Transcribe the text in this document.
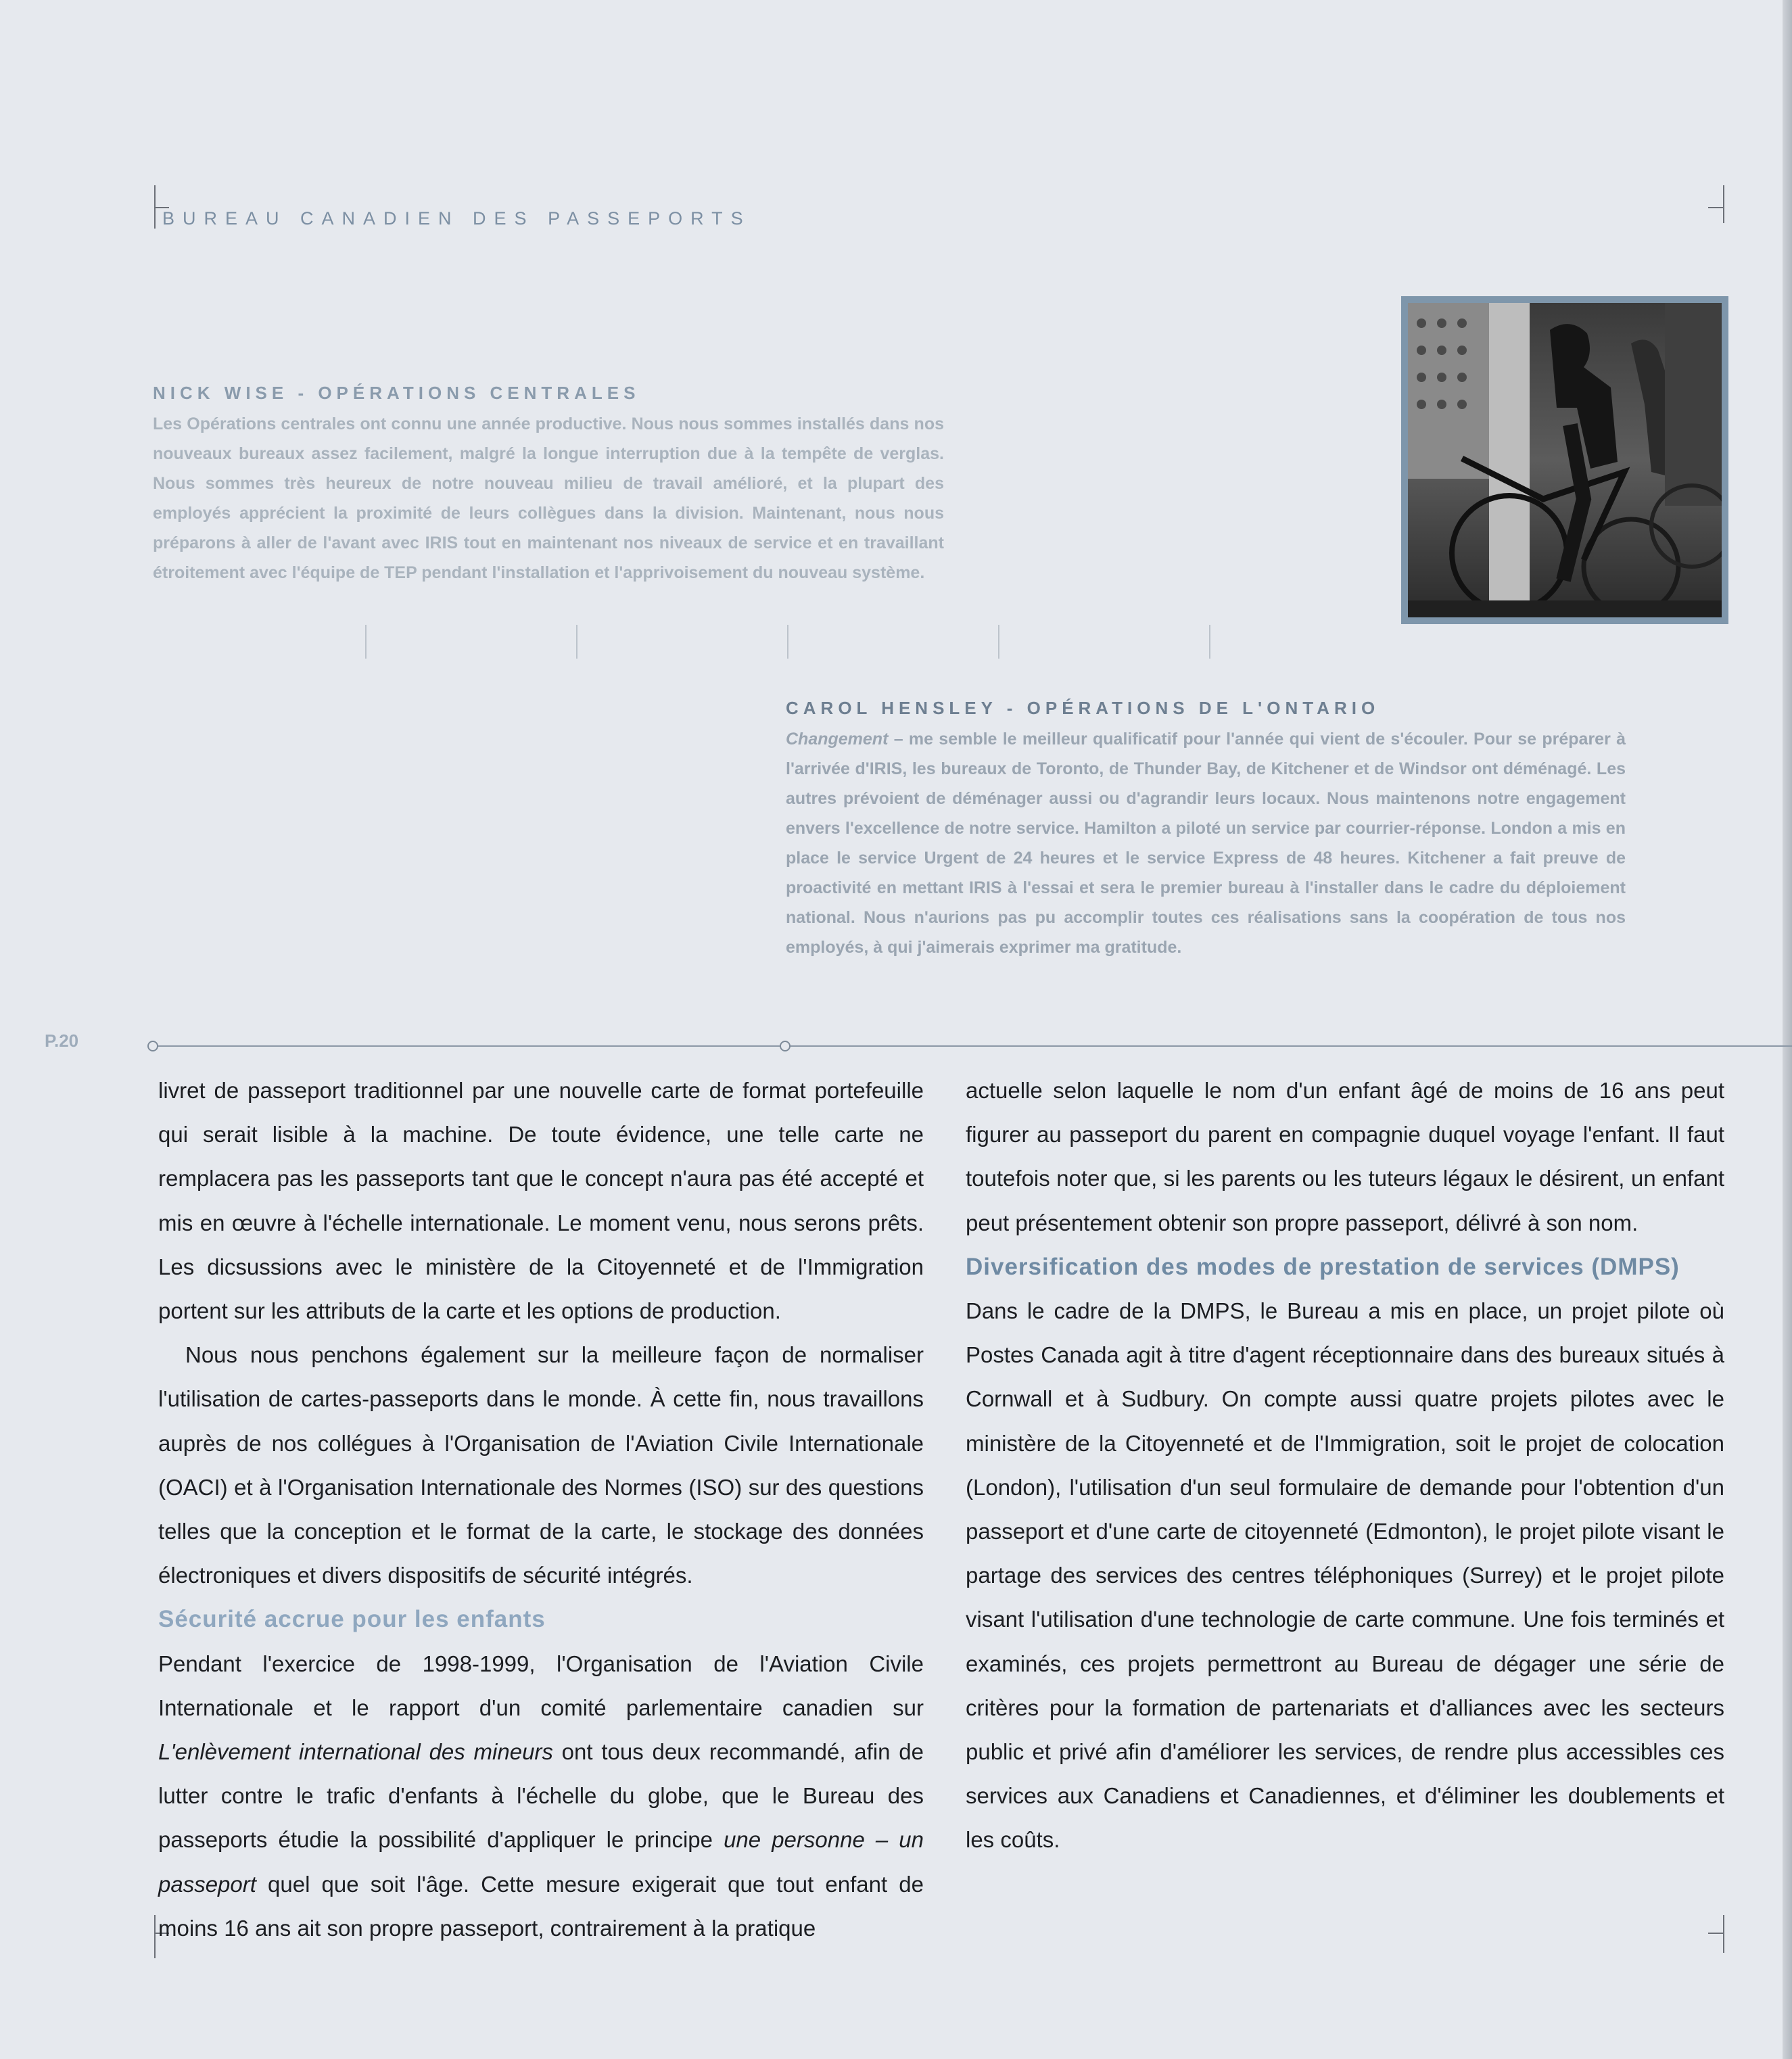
BUREAU CANADIEN DES PASSEPORTS

NICK WISE - OPÉRATIONS CENTRALES

Les Opérations centrales ont connu une année productive. Nous nous sommes installés dans nos nouveaux bureaux assez facilement, malgré la longue interruption due à la tempête de verglas. Nous sommes très heureux de notre nouveau milieu de travail amélioré, et la plupart des employés apprécient la proximité de leurs collègues dans la division. Maintenant, nous nous préparons à aller de l'avant avec IRIS tout en maintenant nos niveaux de service et en travaillant étroitement avec l'équipe de TEP pendant l'installation et l'apprivoisement du nouveau système.

CAROL HENSLEY - OPÉRATIONS DE L'ONTARIO

Changement – me semble le meilleur qualificatif pour l'année qui vient de s'écouler. Pour se préparer à l'arrivée d'IRIS, les bureaux de Toronto, de Thunder Bay, de Kitchener et de Windsor ont déménagé. Les autres prévoient de déménager aussi ou d'agrandir leurs locaux. Nous maintenons notre engagement envers l'excellence de notre service. Hamilton a piloté un service par courrier-réponse. London a mis en place le service Urgent de 24 heures et le service Express de 48 heures. Kitchener a fait preuve de proactivité en mettant IRIS à l'essai et sera le premier bureau à l'installer dans le cadre du déploiement national. Nous n'aurions pas pu accomplir toutes ces réalisations sans la coopération de tous nos employés, à qui j'aimerais exprimer ma gratitude.

P.20

livret de passeport traditionnel par une nouvelle carte de format portefeuille qui serait lisible à la machine. De toute évidence, une telle carte ne remplacera pas les passeports tant que le concept n'aura pas été accepté et mis en œuvre à l'échelle internationale. Le moment venu, nous serons prêts. Les dicsussions avec le ministère de la Citoyenneté et de l'Immigration portent sur les attributs de la carte et les options de production.

Nous nous penchons également sur la meilleure façon de normaliser l'utilisation de cartes-passeports dans le monde. À cette fin, nous travaillons auprès de nos collégues à l'Organisation de l'Aviation Civile Internationale (OACI) et à l'Organisation Internationale des Normes (ISO) sur des questions telles que la conception et le format de la carte, le stockage des données électroniques et divers dispositifs de sécurité intégrés.

Sécurité accrue pour les enfants

Pendant l'exercice de 1998-1999, l'Organisation de l'Aviation Civile Internationale et le rapport d'un comité parlementaire canadien sur L'enlèvement international des mineurs ont tous deux recommandé, afin de lutter contre le trafic d'enfants à l'échelle du globe, que le Bureau des passeports étudie la possibilité d'appliquer le principe une personne – un passeport quel que soit l'âge. Cette mesure exigerait que tout enfant de moins 16 ans ait son propre passeport, contrairement à la pratique

actuelle selon laquelle le nom d'un enfant âgé de moins de 16 ans peut figurer au passeport du parent en compagnie duquel voyage l'enfant. Il faut toutefois noter que, si les parents ou les tuteurs légaux le désirent, un enfant peut présentement obtenir son propre passeport, délivré à son nom.

Diversification des modes de prestation de services (DMPS)

Dans le cadre de la DMPS, le Bureau a mis en place, un projet pilote où Postes Canada agit à titre d'agent réceptionnaire dans des bureaux situés à Cornwall et à Sudbury. On compte aussi quatre projets pilotes avec le ministère de la Citoyenneté et de l'Immigration, soit le projet de colocation (London), l'utilisation d'un seul formulaire de demande pour l'obtention d'un passeport et d'une carte de citoyenneté (Edmonton), le projet pilote visant le partage des services des centres téléphoniques (Surrey) et le projet pilote visant l'utilisation d'une technologie de carte commune. Une fois terminés et examinés, ces projets permettront au Bureau de dégager une série de critères pour la formation de partenariats et d'alliances avec les secteurs public et privé afin d'améliorer les services, de rendre plus accessibles ces services aux Canadiens et Canadiennes, et d'éliminer les doublements et les coûts.
